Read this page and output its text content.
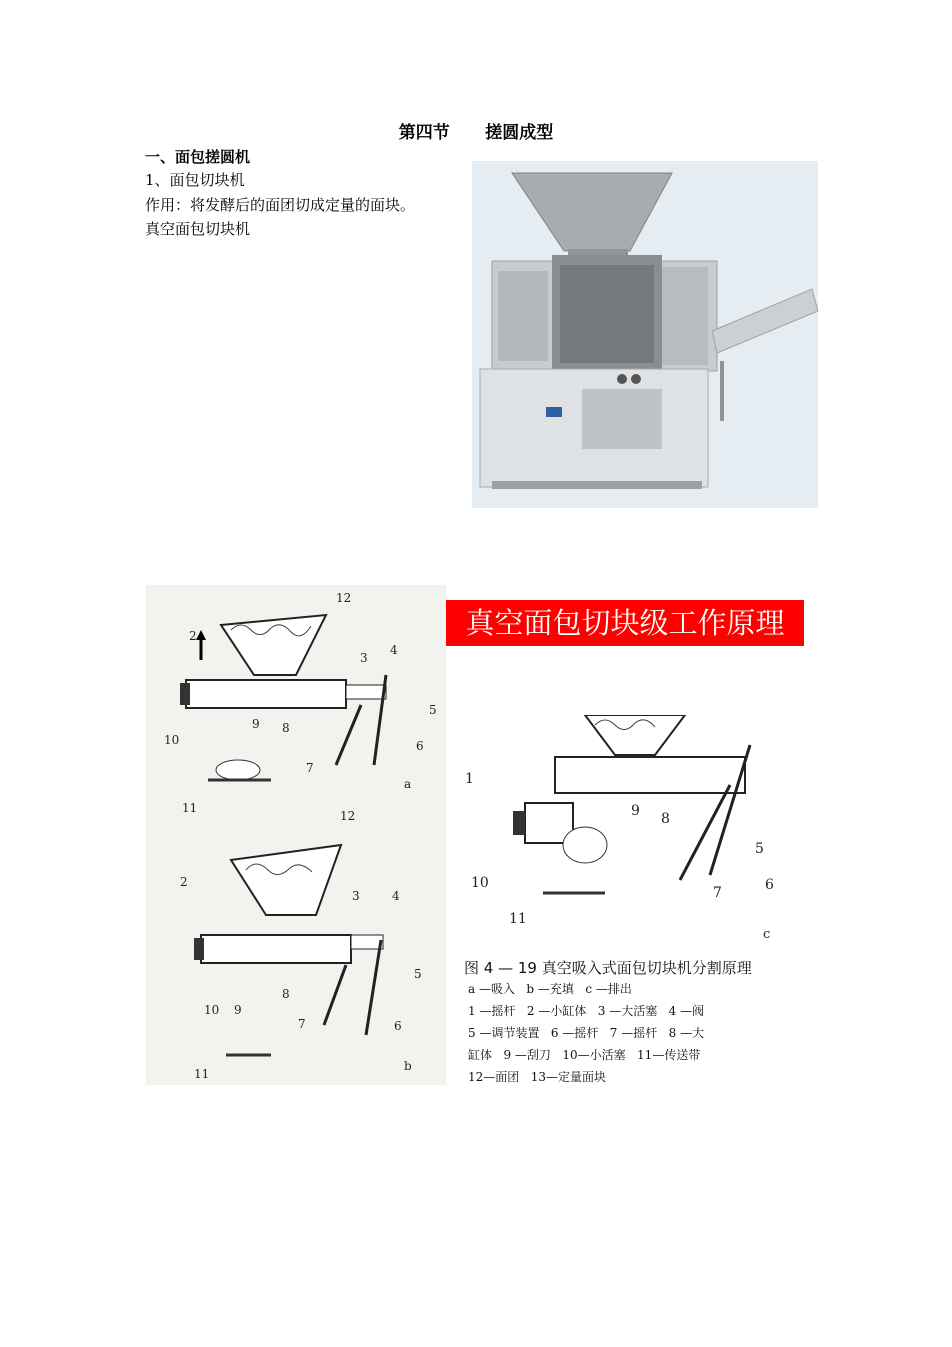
第四节      搓圆成型
一、面包搓圆机
1、面包切块机
作用：将发酵后的面团切成定量的面块。
真空面包切块机
12
2
3
4
5
10
9 8
6
7
11
a
12
2
3	4
5
10 9
8
7	6
11
b
真空面包切块级工作原理
1
9 8
5
10	6
7
11
c
图 4 — 19 真空吸入式面包切块机分割原理
a —吸入   b —充填   c —排出
1 —摇杆   2 —小缸体   3 —大活塞   4 —阀
5 —调节装置   6 —摇杆   7 —摇杆   8 —大
缸体   9 —刮刀   10—小活塞   11—传送带
12—面团   13—定量面块
